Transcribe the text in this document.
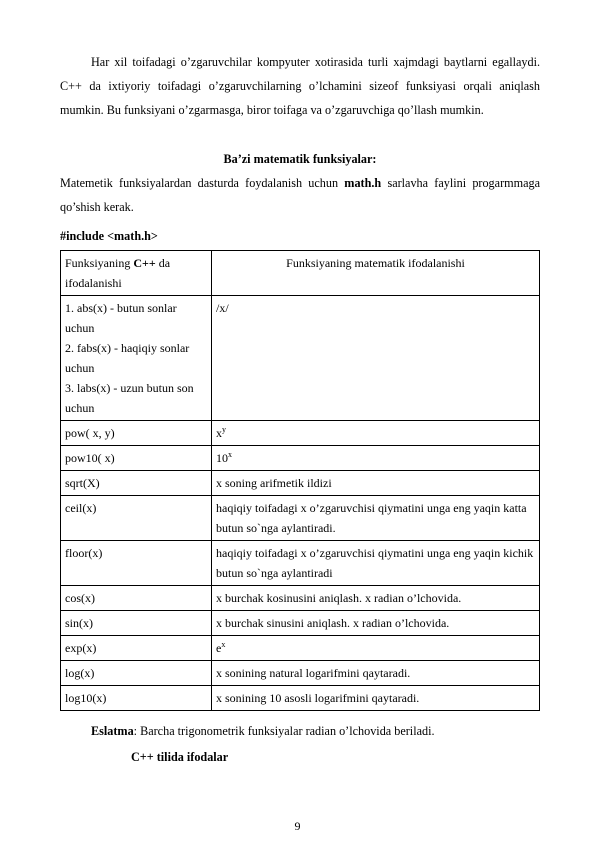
Har xil toifadagi o’zgaruvchilar kompyuter xotirasida turli xajmdagi baytlarni egallaydi. C++ da ixtiyoriy toifadagi o’zgaruvchilarning o’lchamini sizeof funksiyasi orqali aniqlash mumkin. Bu funksiyani o’zgarmasga, biror toifaga va o’zgaruvchiga qo’llash mumkin.

Ba’zi matematik funksiyalar:

Matemetik funksiyalardan dasturda foydalanish uchun math.h sarlavha faylini progarmmaga qo’shish kerak.

#include <math.h>
Funksiyaning C++ da ifodalanishi	Funksiyaning matematik ifodalanishi

1. abs(x) - butun sonlar uchun
2. fabs(x) - haqiqiy sonlar uchun
3. labs(x) - uzun butun son uchun	/x/
pow( x, y)	$x^y$
pow10( x)	10$^x$
sqrt(X)	x soning arifmetik ildizi
ceil(x)	haqiqiy toifadagi x o’zgaruvchisi qiymatini unga eng yaqin katta butun so`nga aylantiradi.
floor(x)	haqiqiy toifadagi x o’zgaruvchisi qiymatini unga eng yaqin kichik butun so`nga aylantiradi
cos(x)	x burchak kosinusini aniqlash. x radian o’lchovida.
sin(x)	x burchak sinusini aniqlash. x radian o’lchovida.
exp(x)	$e^x$
log(x)	x sonining natural logarifmini qaytaradi.
log10(x)	x sonining 10 asosli logarifmini qaytaradi.
Eslatma: Barcha trigonometrik funksiyalar radian o’lchovida beriladi.
C++ tilida ifodalar
9
